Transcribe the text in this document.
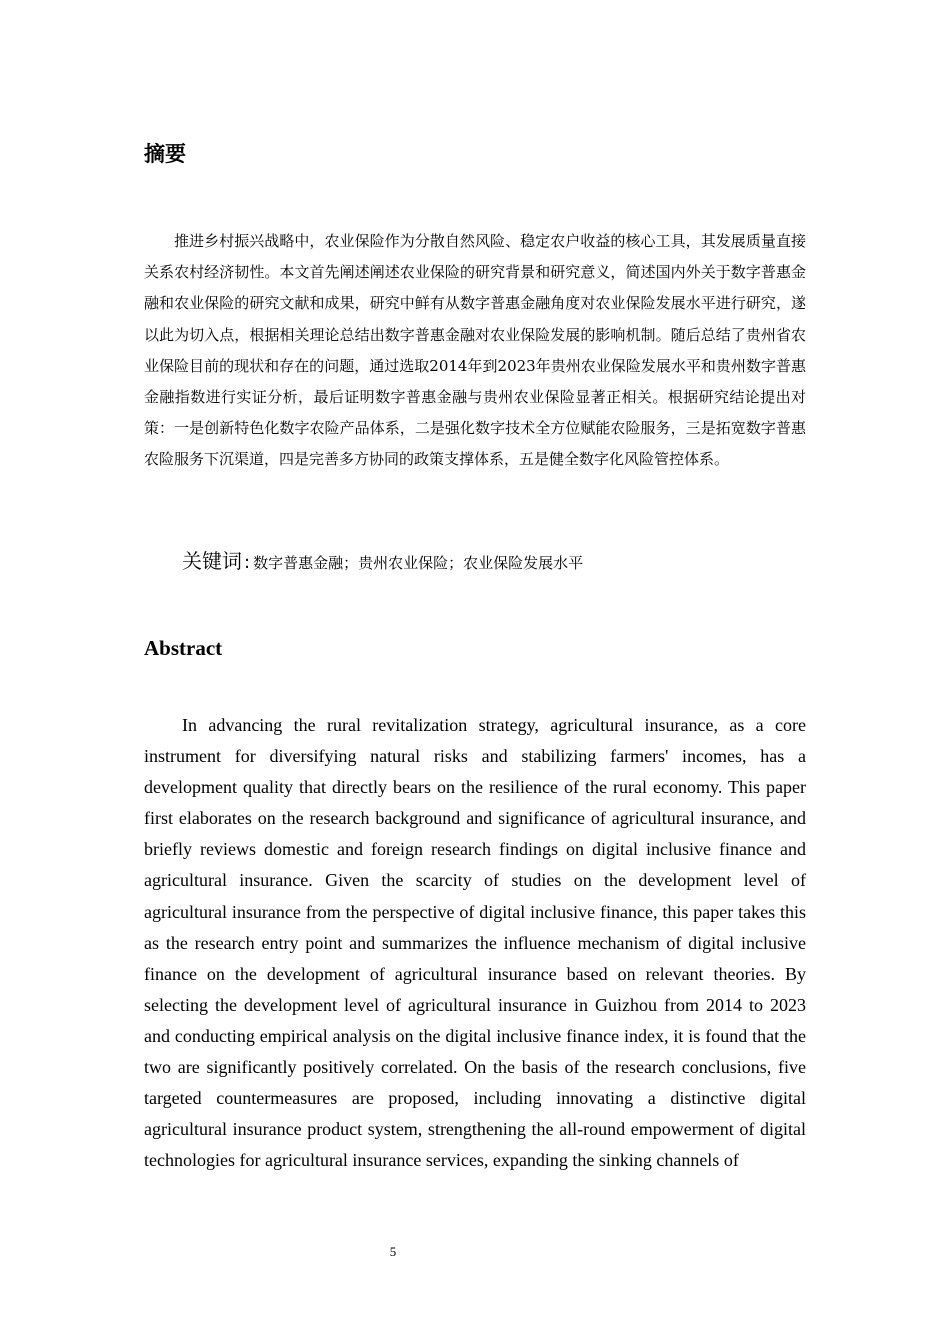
摘要

推进乡村振兴战略中，农业保险作为分散自然风险、稳定农户收益的核心工具，其发展质量直接关系农村经济韧性。本文首先阐述阐述农业保险的研究背景和研究意义，简述国内外关于数字普惠金融和农业保险的研究文献和成果，研究中鲜有从数字普惠金融角度对农业保险发展水平进行研究，遂以此为切入点，根据相关理论总结出数字普惠金融对农业保险发展的影响机制。随后总结了贵州省农业保险目前的现状和存在的问题，通过选取2014年到2023年贵州农业保险发展水平和贵州数字普惠金融指数进行实证分析，最后证明数字普惠金融与贵州农业保险显著正相关。根据研究结论提出对策：一是创新特色化数字农险产品体系，二是强化数字技术全方位赋能农险服务，三是拓宽数字普惠农险服务下沉渠道，四是完善多方协同的政策支撑体系，五是健全数字化风险管控体系。

关键词 : 数字普惠金融；贵州农业保险；农业保险发展水平

Abstract

In advancing the rural revitalization strategy, agricultural insurance, as a core instrument for diversifying natural risks and stabilizing farmers' incomes, has a development quality that directly bears on the resilience of the rural economy. This paper first elaborates on the research background and significance of agricultural insurance, and briefly reviews domestic and foreign research findings on digital inclusive finance and agricultural insurance. Given the scarcity of studies on the development level of agricultural insurance from the perspective of digital inclusive finance, this paper takes this as the research entry point and summarizes the influence mechanism of digital inclusive finance on the development of agricultural insurance based on relevant theories. By selecting the development level of agricultural insurance in Guizhou from 2014 to 2023 and conducting empirical analysis on the digital inclusive finance index, it is found that the two are significantly positively correlated. On the basis of the research conclusions, five targeted countermeasures are proposed, including innovating a distinctive digital agricultural insurance product system, strengthening the all-round empowerment of digital technologies for agricultural insurance services, expanding the sinking channels of

5
